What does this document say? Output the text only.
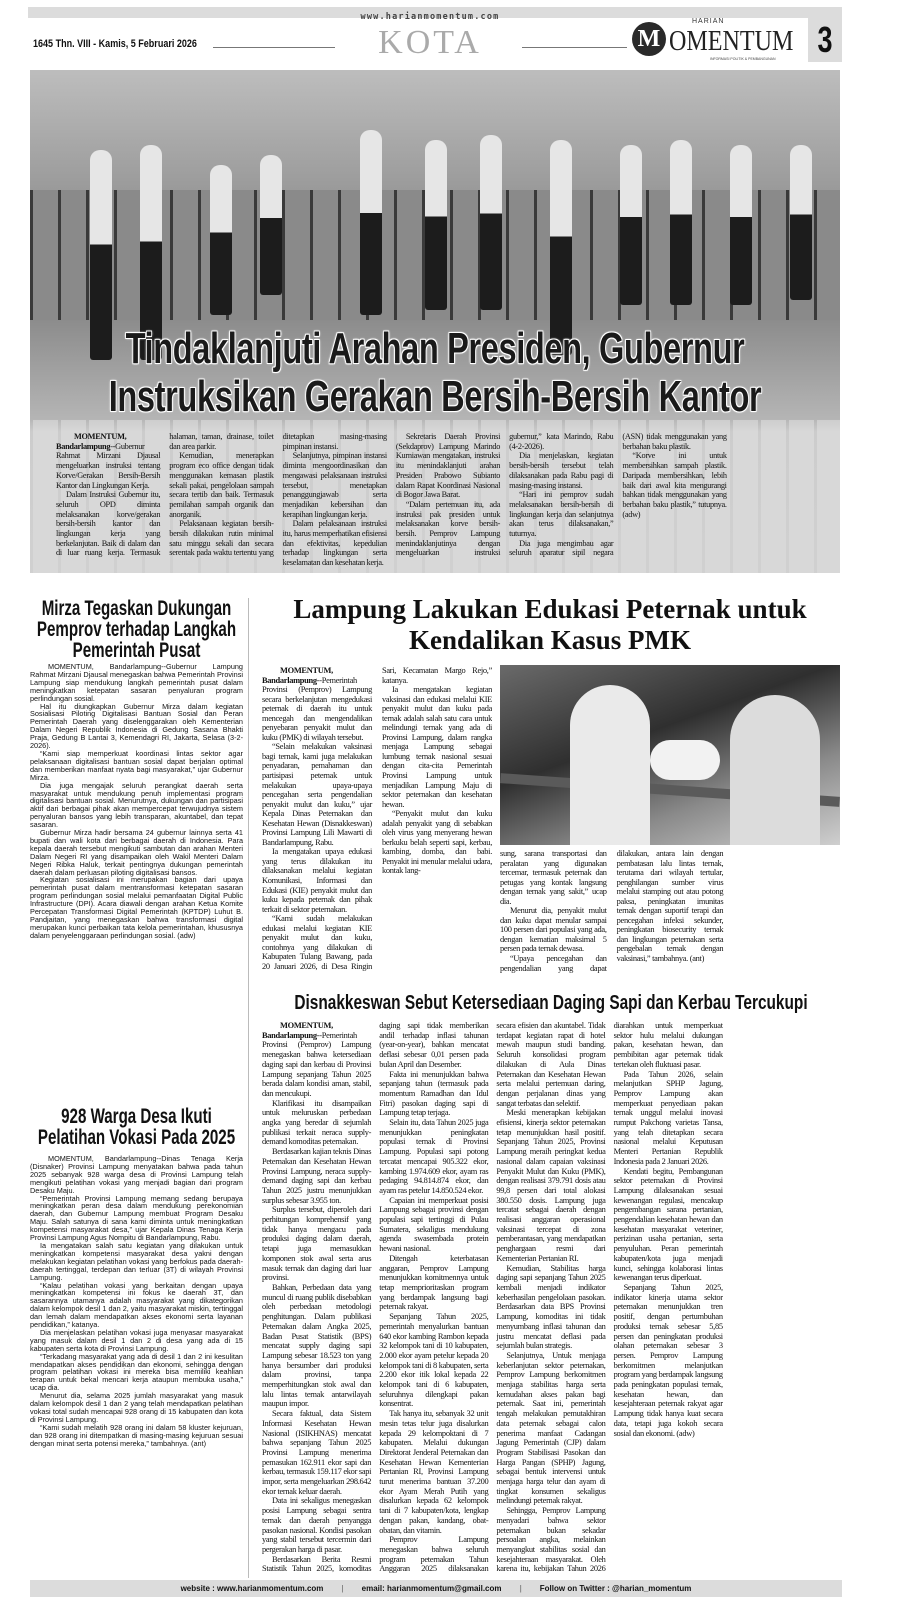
1645 Thn. VIII - Kamis, 5 Februari 2026
www.harianmomentum.com
KOTA	M
HARIAN
OMENTUM
INFORMASI POLITIK & PEMBANGUNAN 3
Tindaklanjuti Arahan Presiden, Gubernur Instruksikan Gerakan Bersih-Bersih Kantor

MOMENTUM, Bandarlampung--Gubernur Rahmat Mirzani Djausal mengeluarkan instruksi tentang Korve/Gerakan Bersih-Bersih Kantor dan Lingkungan Kerja.

Dalam Instruksi Gubernur itu, seluruh OPD diminta melaksanakan korve/gerakan bersih-bersih kantor dan lingkungan kerja yang berkelanjutan. Baik di dalam dan di luar ruang kerja. Termasuk halaman, taman, drainase, toilet dan area parkir.

Kemudian, menerapkan program eco office dengan tidak menggunakan kemasan plastik sekali pakai, pengelolaan sampah secara tertib dan baik. Termasuk pemilahan sampah organik dan anorganik.

Pelaksanaan kegiatan bersih-bersih dilakukan rutin minimal satu minggu sekali dan secara serentak pada waktu tertentu yang ditetapkan masing-masing pimpinan instansi.

Selanjutnya, pimpinan instansi diminta mengoordinasikan dan mengawasi pelaksanaan instruksi tersebut, menetapkan penanggungjawab serta menjadikan kebersihan dan kerapihan lingkungan kerja.

Dalam pelaksanaan instruksi itu, harus memperhatikan efisiensi dan efektivitas, kepedulian terhadap lingkungan serta keselamatan dan kesehatan kerja.

Sekretaris Daerah Provinsi (Sekdaprov) Lampung Marindo Kurniawan mengatakan, instruksi itu menindaklanjuti arahan Presiden Prabowo Subianto dalam Rapat Koordinasi Nasional di Bogor Jawa Barat.

“Dalam pertemuan itu, ada instruksi pak presiden untuk melaksanakan korve bersih-bersih. Pemprov Lampung menindaklanjutinya dengan mengeluarkan instruksi gubernur,” kata Marindo, Rabu (4-2-2026).

Dia menjelaskan, kegiatan bersih-bersih tersebut telah dilaksanakan pada Rabu pagi di masing-masing instansi.

“Hari ini pemprov sudah melaksanakan bersih-bersih di lingkungan kerja dan selanjutnya akan terus dilaksanakan,” tuturnya.

Dia juga mengimbau agar seluruh aparatur sipil negara (ASN) tidak menggunakan yang berbahan baku plastik.

“Korve ini untuk membersihkan sampah plastik. Daripada membersihkan, lebih baik dari awal kita mengurangi bahkan tidak menggunakan yang berbahan baku plastik,” tutupnya. (adw)

Mirza Tegaskan Dukungan Pemprov terhadap Langkah Pemerintah Pusat

MOMENTUM, Bandarlampung--Gubernur Lampung Rahmat Mirzani Djausal menegaskan bahwa Pemerintah Provinsi Lampung siap mendukung langkah pemerintah pusat dalam meningkatkan ketepatan sasaran penyaluran program perlindungan sosial.

Hal itu diungkapkan Gubernur Mirza dalam kegiatan Sosialisasi Piloting Digitalisasi Bantuan Sosial dan Peran Pemerintah Daerah yang diselenggarakan oleh Kementerian Dalam Negeri Republik Indonesia di Gedung Sasana Bhakti Praja, Gedung B Lantai 3, Kemendagri RI, Jakarta, Selasa (3-2-2026).

“Kami siap memperkuat koordinasi lintas sektor agar pelaksanaan digitalisasi bantuan sosial dapat berjalan optimal dan memberikan manfaat nyata bagi masyarakat,” ujar Gubernur Mirza.

Dia juga mengajak seluruh perangkat daerah serta masyarakat untuk mendukung penuh implementasi program digitalisasi bantuan sosial. Menurutnya, dukungan dan partisipasi aktif dari berbagai pihak akan mempercepat terwujudnya sistem penyaluran bansos yang lebih transparan, akuntabel, dan tepat sasaran.

Gubernur Mirza hadir bersama 24 gubernur lainnya serta 41 bupati dan wali kota dari berbagai daerah di Indonesia. Para kepala daerah tersebut mengikuti sambutan dan arahan Menteri Dalam Negeri RI yang disampaikan oleh Wakil Menteri Dalam Negeri Ribka Haluk, terkait pentingnya dukungan pemerintah daerah dalam perluasan piloting digitalisasi bansos.

Kegiatan sosialisasi ini merupakan bagian dari upaya pemerintah pusat dalam mentransformasi ketepatan sasaran program perlindungan sosial melalui pemanfaatan Digital Public Infrastructure (DPI). Acara diawali dengan arahan Ketua Komite Percepatan Transformasi Digital Pemerintah (KPTDP) Luhut B. Pandjaitan, yang menegaskan bahwa transformasi digital merupakan kunci perbaikan tata kelola pemerintahan, khususnya dalam penyelenggaraan perlindungan sosial. (adw)

928 Warga Desa Ikuti Pelatihan Vokasi Pada 2025

MOMENTUM, Bandarlampung--Dinas Tenaga Kerja (Disnaker) Provinsi Lampung menyatakan bahwa pada tahun 2025 sebanyak 928 warga desa di Provinsi Lampung telah mengikuti pelatihan vokasi yang menjadi bagian dari program Desaku Maju.

“Pemerintah Provinsi Lampung memang sedang berupaya meningkatkan peran desa dalam mendukung perekonomian daerah, dan Gubernur Lampung membuat Program Desaku Maju. Salah satunya di sana kami diminta untuk meningkatkan kompetensi masyarakat desa,” ujar Kepala Dinas Tenaga Kerja Provinsi Lampung Agus Nompitu di Bandarlampung, Rabu.

Ia mengatakan salah satu kegiatan yang dilakukan untuk meningkatkan kompetensi masyarakat desa yakni dengan melakukan kegiatan pelatihan vokasi yang berfokus pada daerah-daerah tertinggal, terdepan dan terluar (3T) di wilayah Provinsi Lampung.

“Kalau pelatihan vokasi yang berkaitan dengan upaya meningkatkan kompetensi ini fokus ke daerah 3T, dan sasarannya utamanya adalah masyarakat yang dikategorikan dalam kelompok desil 1 dan 2, yaitu masyarakat miskin, tertinggal dan lemah dalam mendapatkan akses ekonomi serta layanan pendidikan,” katanya.

Dia menjelaskan pelatihan vokasi juga menyasar masyarakat yang masuk dalam desil 1 dan 2 di desa yang ada di 15 kabupaten serta kota di Provinsi Lampung.

“Terkadang masyarakat yang ada di desil 1 dan 2 ini kesulitan mendapatkan akses pendidikan dan ekonomi, sehingga dengan program pelatihan vokasi ini mereka bisa memiliki keahlian terapan untuk bekal mencari kerja ataupun membuka usaha,” ucap dia.

Menurut dia, selama 2025 jumlah masyarakat yang masuk dalam kelompok desil 1 dan 2 yang telah mendapatkan pelatihan vokasi total sudah mencapai 928 orang di 15 kabupaten dan kota di Provinsi Lampung.

“Kami sudah melatih 928 orang ini dalam 58 kluster kejuruan, dan 928 orang ini ditempatkan di masing-masing kejuruan sesuai dengan minat serta potensi mereka,” tambahnya. (ant)

Lampung Lakukan Edukasi Peternak untuk Kendalikan Kasus PMK

MOMENTUM, Bandarlampung--Pemerintah Provinsi (Pemprov) Lampung secara berkelanjutan mengedukasi peternak di daerah itu untuk mencegah dan mengendalikan penyebaran penyakit mulut dan kuku (PMK) di wilayah tersebut.

“Selain melakukan vaksinasi bagi ternak, kami juga melakukan penyadaran, pemahaman dan partisipasi peternak untuk melakukan upaya-upaya pencegahan serta pengendalian penyakit mulut dan kuku,” ujar Kepala Dinas Peternakan dan Kesehatan Hewan (Disnakkeswan) Provinsi Lampung Lili Mawarti di Bandarlampung, Rabu.

Ia mengatakan upaya edukasi yang terus dilakukan itu dilaksanakan melalui kegiatan Komunikasi, Informasi dan Edukasi (KIE) penyakit mulut dan kuku kepada peternak dan pihak terkait di sektor peternakan.

“Kami sudah melakukan edukasi melalui kegiatan KIE penyakit mulut dan kuku, contohnya yang dilakukan di Kabupaten Tulang Bawang, pada 20 Januari 2026, di Desa Ringin Sari, Kecamatan Margo Rejo,” katanya.

Ia mengatakan kegiatan vaksinasi dan edukasi melalui KIE penyakit mulut dan kuku pada ternak adalah salah satu cara untuk melindungi ternak yang ada di Provinsi Lampung, dalam rangka menjaga Lampung sebagai lumbung ternak nasional sesuai dengan cita-cita Pemerintah Provinsi Lampung untuk menjadikan Lampung Maju di sektor peternakan dan kesehatan hewan.

“Penyakit mulut dan kuku adalah penyakit yang di sebabkan oleh virus yang menyerang hewan berkuku belah seperti sapi, kerbau, kambing, domba, dan babi. Penyakit ini menular melalui udara, kontak lang-

sung, sarana transportasi dan peralatan yang digunakan tercemar, termasuk peternak dan petugas yang kontak langsung dengan ternak yang sakit,” ucap dia.

Menurut dia, penyakit mulut dan kuku dapat menular sampai 100 persen dari populasi yang ada, dengan kematian maksimal 5 persen pada ternak dewasa.

“Upaya pencegahan dan pengendalian yang dapat dilakukan, antara lain dengan pembatasan lalu lintas ternak, terutama dari wilayah tertular, penghilangan sumber virus melalui stamping out atau potong paksa, peningkatan imunitas ternak dengan suportif terapi dan pencegahan infeksi sekunder, peningkatan biosecurity ternak dan lingkungan peternakan serta pengebalan ternak dengan vaksinasi,” tambahnya. (ant)

Disnakkeswan Sebut Ketersediaan Daging Sapi dan Kerbau Tercukupi

MOMENTUM, Bandarlampung--Pemerintah Provinsi (Pemprov) Lampung menegaskan bahwa ketersediaan daging sapi dan kerbau di Provinsi Lampung sepanjang Tahun 2025 berada dalam kondisi aman, stabil, dan mencukupi.

Klarifikasi itu disampaikan untuk meluruskan perbedaan angka yang beredar di sejumlah publikasi terkait neraca supply-demand komoditas peternakan.

Berdasarkan kajian teknis Dinas Peternakan dan Kesehatan Hewan Provinsi Lampung, neraca supply-demand daging sapi dan kerbau Tahun 2025 justru menunjukkan surplus sebesar 3.955 ton.

Surplus tersebut, diperoleh dari perhitungan komprehensif yang tidak hanya mengacu pada produksi daging dalam daerah, tetapi juga memasukkan komponen stok awal serta arus masuk ternak dan daging dari luar provinsi.

Bahkan, Perbedaan data yang muncul di ruang publik disebabkan oleh perbedaan metodologi penghitungan. Dalam publikasi Peternakan dalam Angka 2025, Badan Pusat Statistik (BPS) mencatat supply daging sapi Lampung sebesar 18.523 ton yang hanya bersumber dari produksi dalam provinsi, tanpa memperhitungkan stok awal dan lalu lintas ternak antarwilayah maupun impor.

Secara faktual, data Sistem Informasi Kesehatan Hewan Nasional (ISIKHNAS) mencatat bahwa sepanjang Tahun 2025 Provinsi Lampung menerima pemasukan 162.911 ekor sapi dan kerbau, termasuk 159.117 ekor sapi impor, serta mengeluarkan 298.642 ekor ternak keluar daerah.

Data ini sekaligus menegaskan posisi Lampung sebagai sentra ternak dan daerah penyangga pasokan nasional. Kondisi pasokan yang stabil tersebut tercermin dari pergerakan harga di pasar.

Berdasarkan Berita Resmi Statistik Tahun 2025, komoditas daging sapi tidak memberikan andil terhadap inflasi tahunan (year-on-year), bahkan mencatat deflasi sebesar 0,01 persen pada bulan April dan Desember.

Fakta ini menunjukkan bahwa sepanjang tahun (termasuk pada momentum Ramadhan dan Idul Fitri) pasokan daging sapi di Lampung tetap terjaga.

Selain itu, data Tahun 2025 juga menunjukkan peningkatan populasi ternak di Provinsi Lampung. Populasi sapi potong tercatat mencapai 905.322 ekor, kambing 1.974.609 ekor, ayam ras pedaging 94.814.874 ekor, dan ayam ras petelur 14.850.524 ekor.

Capaian ini memperkuat posisi Lampung sebagai provinsi dengan populasi sapi tertinggi di Pulau Sumatera, sekaligus mendukung agenda swasembada protein hewani nasional.

Ditengah keterbatasan anggaran, Pemprov Lampung menunjukkan komitmennya untuk tetap memprioritaskan program yang berdampak langsung bagi peternak rakyat.

Sepanjang Tahun 2025, pemerintah menyalurkan bantuan 640 ekor kambing Rambon kepada 32 kelompok tani di 10 kabupaten, 2.000 ekor ayam petelur kepada 20 kelompok tani di 8 kabupaten, serta 2.200 ekor itik lokal kepada 22 kelompok tani di 6 kabupaten, seluruhnya dilengkapi pakan konsentrat.

Tak hanya itu, sebanyak 32 unit mesin tetas telur juga disalurkan kepada 29 kelompoktani di 7 kabupaten. Melalui dukungan Direktorat Jenderal Peternakan dan Kesehatan Hewan Kementerian Pertanian RI, Provinsi Lampung turut menerima bantuan 37.200 ekor Ayam Merah Putih yang disalurkan kepada 62 kelompok tani di 7 kabupaten/kota, lengkap dengan pakan, kandang, obat-obatan, dan vitamin.

Pemprov Lampung menegaskan bahwa seluruh program peternakan Tahun Anggaran 2025 dilaksanakan secara efisien dan akuntabel. Tidak terdapat kegiatan rapat di hotel mewah maupun studi banding. Seluruh konsolidasi program dilakukan di Aula Dinas Peternakan dan Kesehatan Hewan serta melalui pertemuan daring, dengan perjalanan dinas yang sangat terbatas dan selektif.

Meski menerapkan kebijakan efisiensi, kinerja sektor peternakan tetap menunjukkan hasil positif. Sepanjang Tahun 2025, Provinsi Lampung meraih peringkat kedua nasional dalam capaian vaksinasi Penyakit Mulut dan Kuku (PMK), dengan realisasi 379.791 dosis atau 99,8 persen dari total alokasi 380.550 dosis. Lampung juga tercatat sebagai daerah dengan realisasi anggaran operasional vaksinasi tercepat di zona pemberantasan, yang mendapatkan penghargaan resmi dari Kementerian Pertanian RI.

Kemudian, Stabilitas harga daging sapi sepanjang Tahun 2025 kembali menjadi indikator keberhasilan pengelolaan pasokan. Berdasarkan data BPS Provinsi Lampung, komoditas ini tidak menyumbang inflasi tahunan dan justru mencatat deflasi pada sejumlah bulan strategis.

Selanjutnya, Untuk menjaga keberlanjutan sektor peternakan, Pemprov Lampung berkomitmen menjaga stabilitas harga serta kemudahan akses pakan bagi peternak. Saat ini, pemerintah tengah melakukan pemutakhiran data peternak sebagai calon penerima manfaat Cadangan Jagung Pemerintah (CJP) dalam Program Stabilisasi Pasokan dan Harga Pangan (SPHP) Jagung, sebagai bentuk intervensi untuk menjaga harga telur dan ayam di tingkat konsumen sekaligus melindungi peternak rakyat.

Sehingga, Pemprov Lampung menyadari bahwa sektor peternakan bukan sekadar persoalan angka, melainkan menyangkut stabilitas sosial dan kesejahteraan masyarakat. Oleh karena itu, kebijakan Tahun 2026 diarahkan untuk memperkuat sektor hulu melalui dukungan pakan, kesehatan hewan, dan pembibitan agar peternak tidak tertekan oleh fluktuasi pasar.

Pada Tahun 2026, selain melanjutkan SPHP Jagung, Pemprov Lampung akan memperkuat penyediaan pakan ternak unggul melalui inovasi rumput Pakchong varietas Tansa, yang telah ditetapkan secara nasional melalui Keputusan Menteri Pertanian Republik Indonesia pada 2 Januari 2026.

Kendati begitu, Pembangunan sektor peternakan di Provinsi Lampung dilaksanakan sesuai kewenangan regulasi, mencakup pengembangan sarana pertanian, pengendalian kesehatan hewan dan kesehatan masyarakat veteriner, perizinan usaha pertanian, serta penyuluhan. Peran pemerintah kabupaten/kota juga menjadi kunci, sehingga kolaborasi lintas kewenangan terus diperkuat.

Sepanjang Tahun 2025, indikator kinerja utama sektor peternakan menunjukkan tren positif, dengan pertumbuhan produksi ternak sebesar 5,85 persen dan peningkatan produksi olahan peternakan sebesar 3 persen. Pemprov Lampung berkomitmen melanjutkan program yang berdampak langsung pada peningkatan populasi ternak, kesehatan hewan, dan kesejahteraan peternak rakyat agar Lampung tidak hanya kuat secara data, tetapi juga kokoh secara sosial dan ekonomi. (adw)

website : www.harianmomentum.com | email: harianmomentum@gmail.com | Follow on Twitter : @harian_momentum
